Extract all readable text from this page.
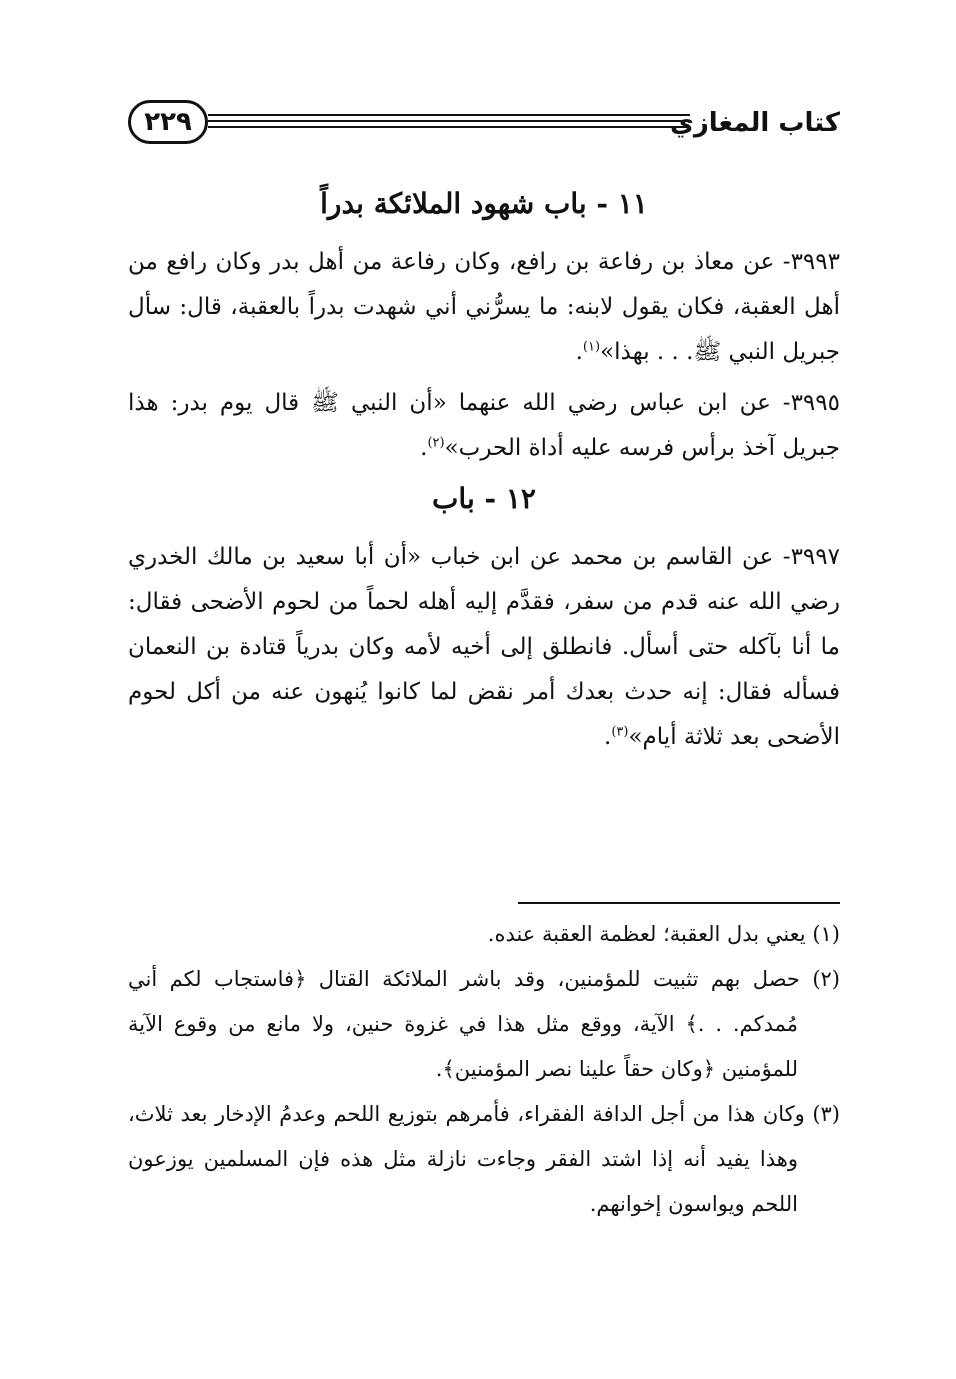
كتاب المغازي
٢٢٩
١١ - باب شهود الملائكة بدراً

٣٩٩٣- عن معاذ بن رفاعة بن رافع، وكان رفاعة من أهل بدر وكان رافع من أهل العقبة، فكان يقول لابنه: ما يسرُّني أني شهدت بدراً بالعقبة، قال: سأل جبريل النبي ﷺ. . . بهذا»$^{(١)}$.

٣٩٩٥- عن ابن عباس رضي الله عنهما «أن النبي ﷺ قال يوم بدر: هذا جبريل آخذ برأس فرسه عليه أداة الحرب»$^{(٢)}$.

١٢ - باب

٣٩٩٧- عن القاسم بن محمد عن ابن خباب «أن أبا سعيد بن مالك الخدري رضي الله عنه قدم من سفر، فقدَّم إليه أهله لحماً من لحوم الأضحى فقال: ما أنا بآكله حتى أسأل. فانطلق إلى أخيه لأمه وكان بدرياً قتادة بن النعمان فسأله فقال: إنه حدث بعدك أمر نقض لما كانوا يُنهون عنه من أكل لحوم الأضحى بعد ثلاثة أيام»$^{(٣)}$.

(١) يعني بدل العقبة؛ لعظمة العقبة عنده.

(٢) حصل بهم تثبيت للمؤمنين، وقد باشر الملائكة القتال ﴿فاستجاب لكم أني مُمدكم. . .﴾ الآية، ووقع مثل هذا في غزوة حنين، ولا مانع من وقوع الآية للمؤمنين ﴿وكان حقاً علينا نصر المؤمنين﴾.

(٣) وكان هذا من أجل الدافة الفقراء، فأمرهم بتوزيع اللحم وعدمُ الإدخار بعد ثلاث، وهذا يفيد أنه إذا اشتد الفقر وجاءت نازلة مثل هذه فإن المسلمين يوزعون اللحم ويواسون إخوانهم.
